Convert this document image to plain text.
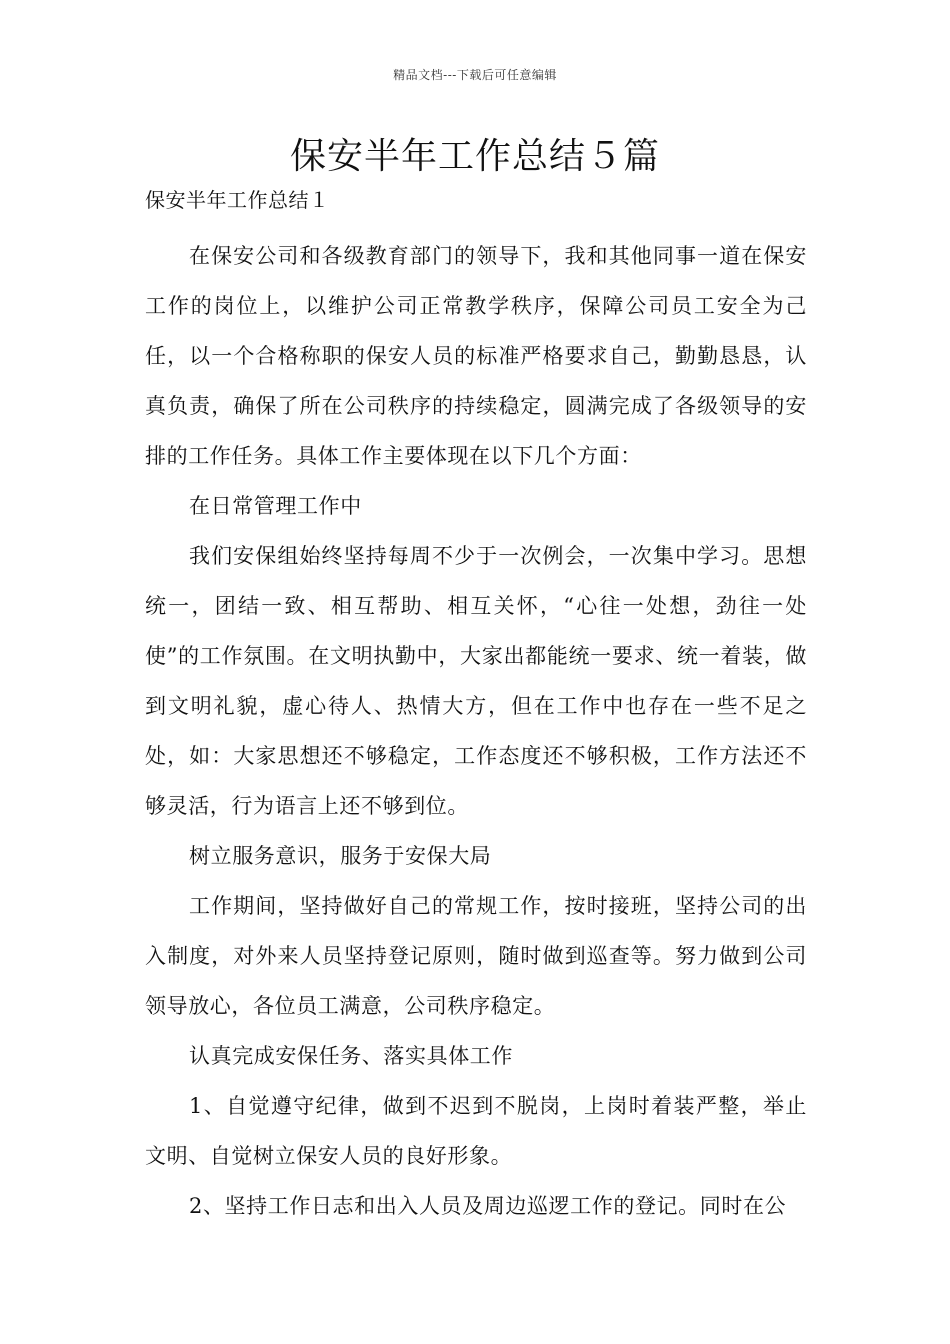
精品文档---下载后可任意编辑
保安半年工作总结５篇

保安半年工作总结１

在保安公司和各级教育部门的领导下，我和其他同事一道在保安工作的岗位上，以维护公司正常教学秩序，保障公司员工安全为己任，以一个合格称职的保安人员的标准严格要求自己，勤勤恳恳，认真负责，确保了所在公司秩序的持续稳定，圆满完成了各级领导的安排的工作任务。具体工作主要体现在以下几个方面：

在日常管理工作中

我们安保组始终坚持每周不少于一次例会，一次集中学习。思想统一，团结一致、相互帮助、相互关怀，“心往一处想，劲往一处使”的工作氛围。在文明执勤中，大家出都能统一要求、统一着装，做到文明礼貌，虚心待人、热情大方，但在工作中也存在一些不足之处，如：大家思想还不够稳定，工作态度还不够积极，工作方法还不够灵活，行为语言上还不够到位。

树立服务意识，服务于安保大局

工作期间，坚持做好自己的常规工作，按时接班，坚持公司的出入制度，对外来人员坚持登记原则，随时做到巡查等。努力做到公司领导放心，各位员工满意，公司秩序稳定。

认真完成安保任务、落实具体工作

1、自觉遵守纪律，做到不迟到不脱岗，上岗时着装严整，举止文明、自觉树立保安人员的良好形象。

2、坚持工作日志和出入人员及周边巡逻工作的登记。同时在公
